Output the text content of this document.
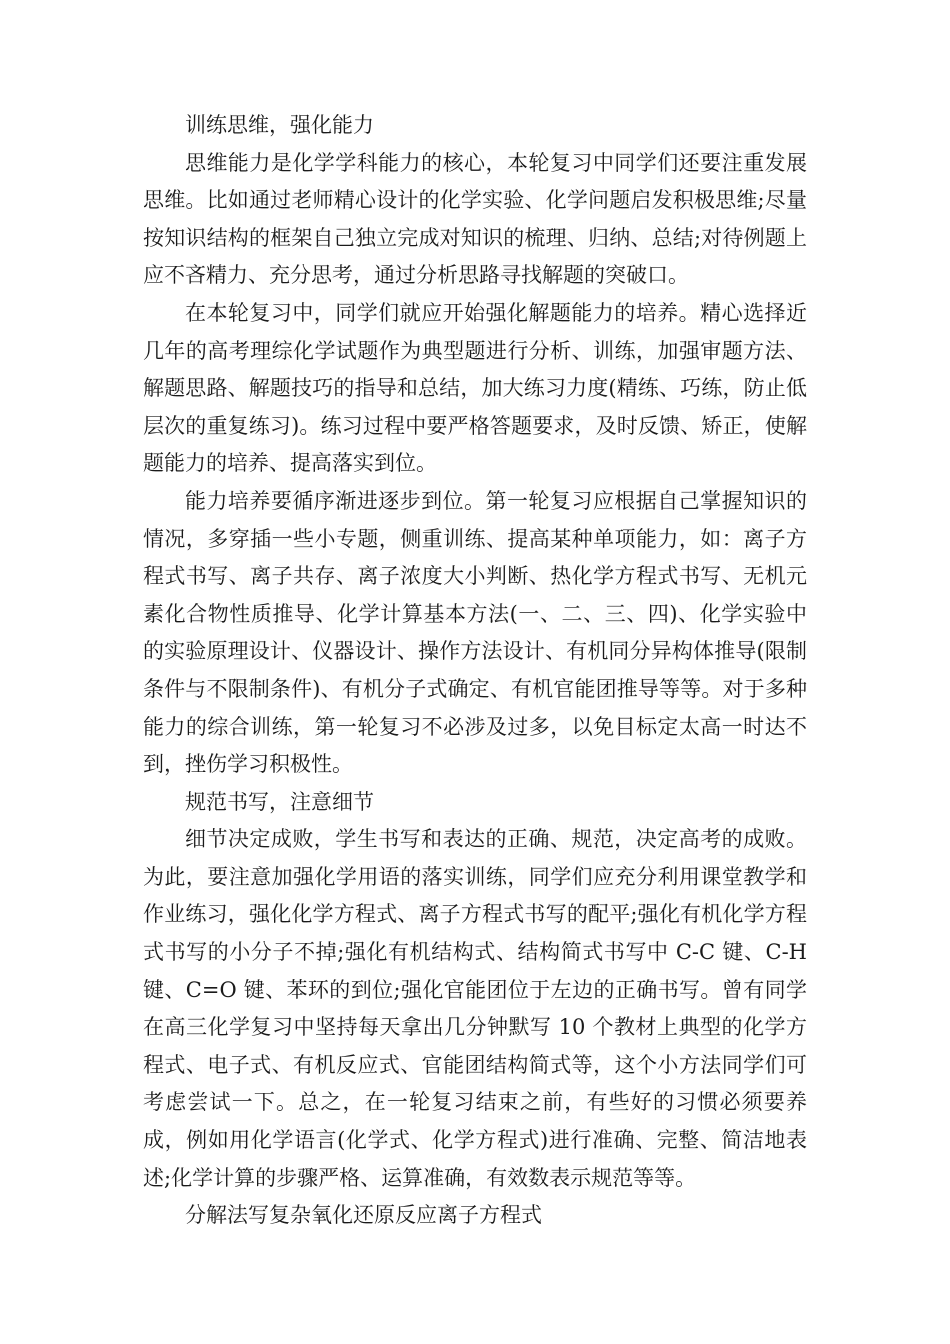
训练思维，强化能力

思维能力是化学学科能力的核心，本轮复习中同学们还要注重发展思维。比如通过老师精心设计的化学实验、化学问题启发积极思维;尽量按知识结构的框架自己独立完成对知识的梳理、归纳、总结;对待例题上应不吝精力、充分思考，通过分析思路寻找解题的突破口。

在本轮复习中，同学们就应开始强化解题能力的培养。精心选择近几年的高考理综化学试题作为典型题进行分析、训练，加强审题方法、解题思路、解题技巧的指导和总结，加大练习力度(精练、巧练，防止低层次的重复练习)。练习过程中要严格答题要求，及时反馈、矫正，使解题能力的培养、提高落实到位。

能力培养要循序渐进逐步到位。第一轮复习应根据自己掌握知识的情况，多穿插一些小专题，侧重训练、提高某种单项能力，如：离子方程式书写、离子共存、离子浓度大小判断、热化学方程式书写、无机元素化合物性质推导、化学计算基本方法(一、二、三、四)、化学实验中的实验原理设计、仪器设计、操作方法设计、有机同分异构体推导(限制条件与不限制条件)、有机分子式确定、有机官能团推导等等。对于多种能力的综合训练，第一轮复习不必涉及过多，以免目标定太高一时达不到，挫伤学习积极性。

规范书写，注意细节

细节决定成败，学生书写和表达的正确、规范，决定高考的成败。为此，要注意加强化学用语的落实训练，同学们应充分利用课堂教学和作业练习，强化化学方程式、离子方程式书写的配平;强化有机化学方程式书写的小分子不掉;强化有机结构式、结构简式书写中 C-C 键、C-H 键、C=O 键、苯环的到位;强化官能团位于左边的正确书写。曾有同学在高三化学复习中坚持每天拿出几分钟默写 10 个教材上典型的化学方程式、电子式、有机反应式、官能团结构简式等，这个小方法同学们可考虑尝试一下。总之，在一轮复习结束之前，有些好的习惯必须要养成，例如用化学语言(化学式、化学方程式)进行准确、完整、简洁地表述;化学计算的步骤严格、运算准确，有效数表示规范等等。

分解法写复杂氧化还原反应离子方程式
